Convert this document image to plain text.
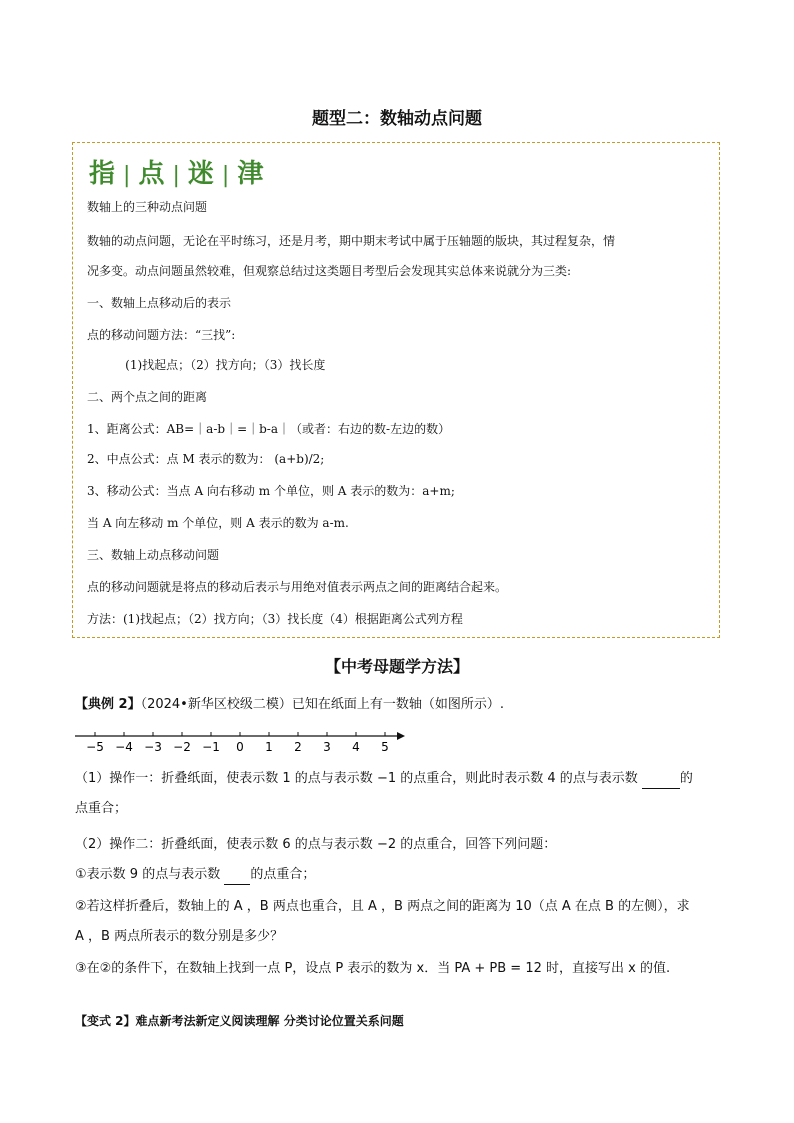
题型二：数轴动点问题
指 | 点 | 迷 | 津
数轴上的三种动点问题
数轴的动点问题，无论在平时练习，还是月考，期中期末考试中属于压轴题的版块，其过程复杂，情
况多变。动点问题虽然较难，但观察总结过这类题目考型后会发现其实总体来说就分为三类:
一、数轴上点移动后的表示
点的移动问题方法：“三找”:
(1)找起点；（2）找方向；（3）找长度
二、两个点之间的距离
1、距离公式：AB=｜a-b｜=｜b-a｜（或者：右边的数-左边的数）
2、中点公式：点 M 表示的数为： (a+b)/2;
3、移动公式：当点 A 向右移动 m 个单位，则 A 表示的数为：a+m;
当 A 向左移动 m 个单位，则 A 表示的数为 a-m.
三、数轴上动点移动问题
点的移动问题就是将点的移动后表示与用绝对值表示两点之间的距离结合起来。
方法：(1)找起点；（2）找方向；（3）找长度（4）根据距离公式列方程
【中考母题学方法】
【典例 2】（2024•新华区校级二模）已知在纸面上有一数轴（如图所示）.
−5 −4 −3 −2 −1 0 1 2 3 4 5
（1）操作一：折叠纸面，使表示数 1 的点与表示数 −1 的点重合，则此时表示数 4 的点与表示数	的
点重合；
（2）操作二：折叠纸面，使表示数 6 的点与表示数 −2 的点重合，回答下列问题：
①表示数 9 的点与表示数  的点重合；
②若这样折叠后，数轴上的 A ，B 两点也重合，且 A ，B 两点之间的距离为 10（点 A 在点 B 的左侧），求
A ，B 两点所表示的数分别是多少？
③在②的条件下，在数轴上找到一点 P，设点 P 表示的数为 x．当 PA + PB = 12 时，直接写出 x 的值.
【变式 2】难点新考法新定义阅读理解 分类讨论位置关系问题
